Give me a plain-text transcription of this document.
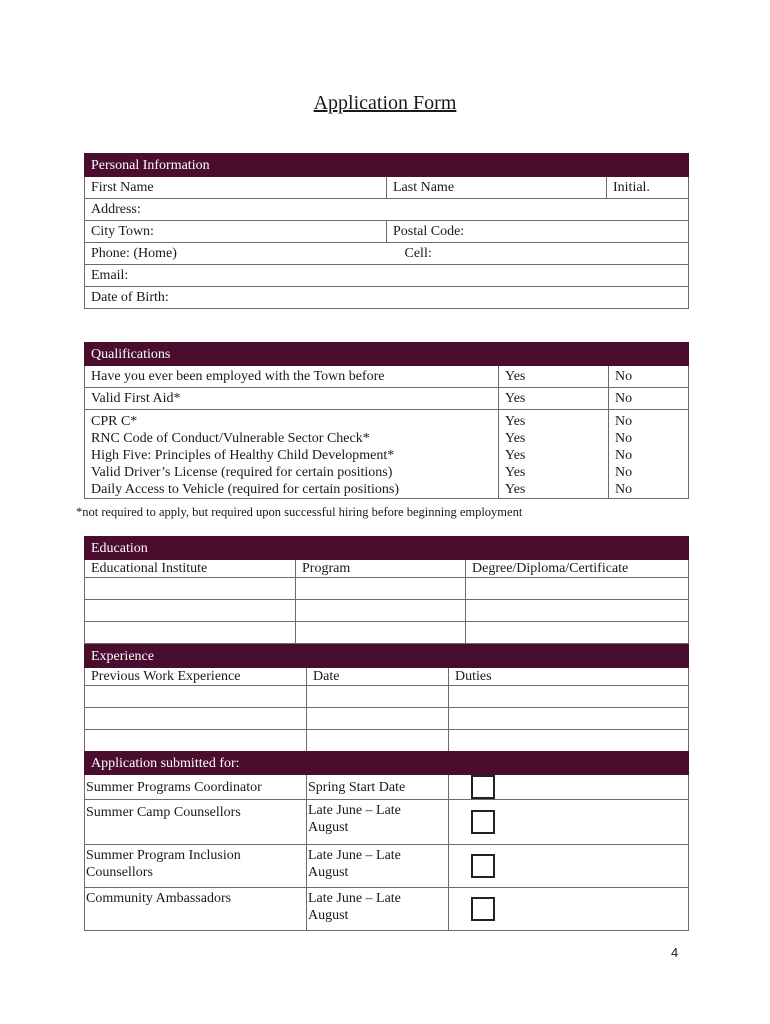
Application Form
Personal Information		
First Name	Last Name	Initial.
Address:		
City Town:	Postal Code:	
Phone: (Home)	Cell:	
Email:		
Date of Birth:		
Qualifications		
Have you ever been employed with the Town before	Yes	No
Valid First Aid*	Yes	No
CPR C*	Yes	No
RNC Code of Conduct/Vulnerable Sector Check*	Yes	No
High Five: Principles of Healthy Child Development*	Yes	No
Valid Driver’s License (required for certain positions)	Yes	No
Daily Access to Vehicle (required for certain positions)	Yes	No
*not required to apply, but required upon successful hiring before beginning employment
Education		
Educational Institute	Program	Degree/Diploma/Certificate

Experience		
Previous Work Experience	Date	Duties

Application submitted for:		
Summer Programs Coordinator	Spring Start Date	
Summer Camp Counsellors	Late June – Late August	
Summer Program Inclusion Counsellors	Late June – Late August	
Community Ambassadors	Late June – Late August	
4
